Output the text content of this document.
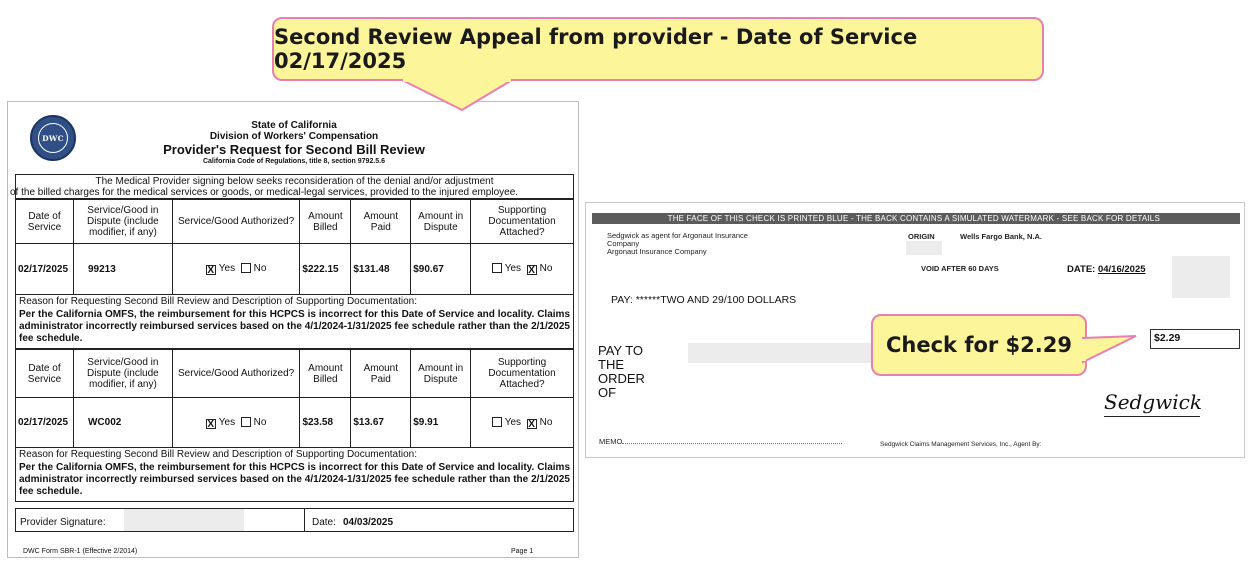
Second Review Appeal from provider - Date of Service 02/17/2025
DWC
State of California
Division of Workers' Compensation
Provider's Request for Second Bill Review
California Code of Regulations, title 8, section 9792.5.6
The Medical Provider signing below seeks reconsideration of the denial and/or adjustment
of the billed charges for the medical services or goods, or medical-legal services, provided to the injured employee.
Date of Service	Service/Good in Dispute (include modifier, if any)	Service/Good Authorized?	Amount Billed	Amount Paid	Amount in Dispute	Supporting Documentation Attached?
02/17/2025	99213	X Yes No	$222.15	$131.48	$90.67	Yes X No
Reason for Requesting Second Bill Review and Description of Supporting Documentation:
Per the California OMFS, the reimbursement for this HCPCS is incorrect for this Date of Service and locality. Claims administrator incorrectly reimbursed services based on the 4/1/2024-1/31/2025 fee schedule rather than the 2/1/2025 fee schedule.
Date of Service	Service/Good in Dispute (include modifier, if any)	Service/Good Authorized?	Amount Billed	Amount Paid	Amount in Dispute	Supporting Documentation Attached?
02/17/2025	WC002	X Yes No	$23.58	$13.67	$9.91	Yes X No
Reason for Requesting Second Bill Review and Description of Supporting Documentation:
Per the California OMFS, the reimbursement for this HCPCS is incorrect for this Date of Service and locality. Claims administrator incorrectly reimbursed services based on the 4/1/2024-1/31/2025 fee schedule rather than the 2/1/2025 fee schedule.
Provider Signature:	Date: 04/03/2025
DWC Form SBR-1 (Effective 2/2014)	Page 1
THE FACE OF THIS CHECK IS PRINTED BLUE - THE BACK CONTAINS A SIMULATED WATERMARK - SEE BACK FOR DETAILS
Sedgwick as agent for Argonaut Insurance
Company
Argonaut Insurance Company
ORIGIN	Wells Fargo Bank, N.A.
VOID AFTER 60 DAYS	DATE: 04/16/2025
PAY: ******TWO AND 29/100 DOLLARS
PAY TO
THE
ORDER
OF
$2.29
Sedgwick
MEMO	Sedgwick Claims Management Services, Inc., Agent By:
Check for $2.29
